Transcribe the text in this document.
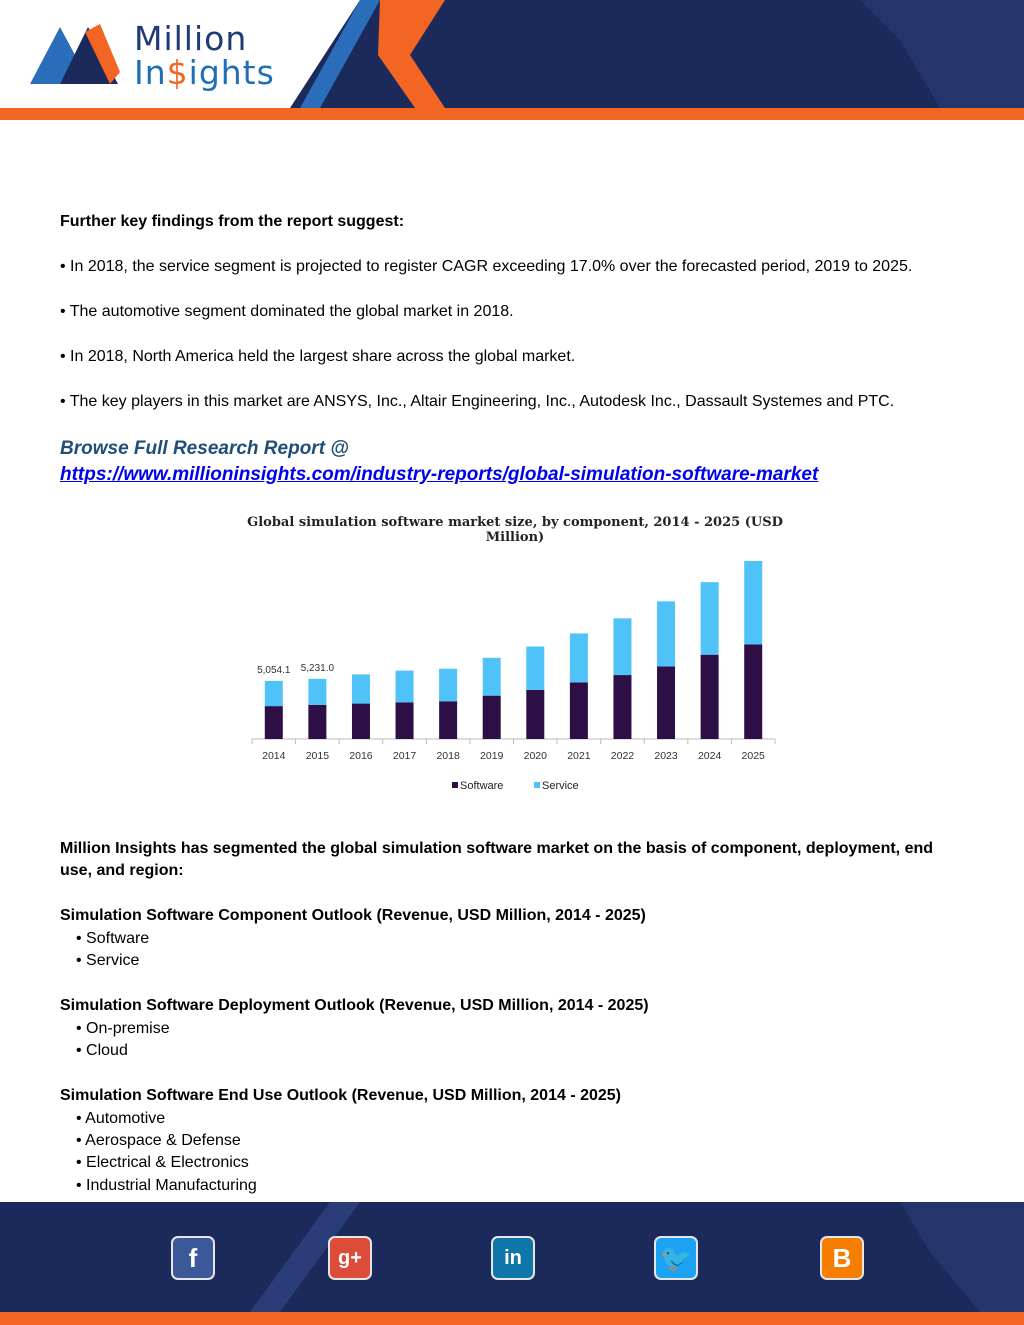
Million
In$ights
Further key findings from the report suggest:
• In 2018, the service segment is projected to register CAGR exceeding 17.0% over the forecasted period, 2019 to 2025.
• The automotive segment dominated the global market in 2018.
• In 2018, North America held the largest share across the global market.
• The key players in this market are ANSYS, Inc., Altair Engineering, Inc., Autodesk Inc., Dassault Systemes and PTC.
Browse Full Research Report @
https://www.millioninsights.com/industry-reports/global-simulation-software-market
Million Insights has segmented the global simulation software market on the basis of component, deployment, end use, and region:
Simulation Software Component Outlook (Revenue, USD Million, 2014 - 2025)
• Software
• Service
Simulation Software Deployment Outlook (Revenue, USD Million, 2014 - 2025)
• On-premise
• Cloud
Simulation Software End Use Outlook (Revenue, USD Million, 2014 - 2025)
• Automotive
• Aerospace & Defense
• Electrical & Electronics
• Industrial Manufacturing
Global simulation software market size, by component, 2014 - 2025 (USD Million)
2014
5,054.1
2015
5,231.0
2016 2017 2018 2019 2020 2021 2022 2023 2024 2025
Software	Service
f	g+	in	🐦	B
